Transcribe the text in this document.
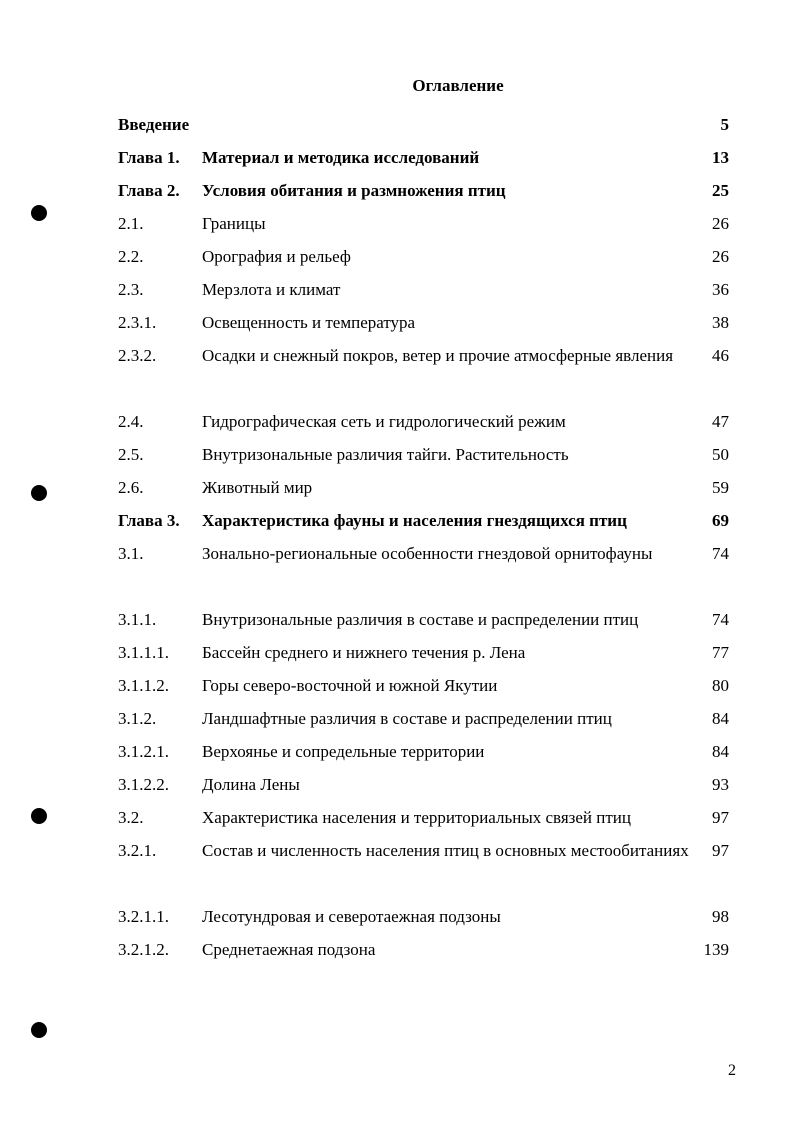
Оглавление
Введение	5
Глава 1. Материал и методика исследований	13
Глава 2. Условия обитания и размножения птиц	25
2.1.	Границы	26
2.2.	Орография и рельеф	26
2.3.	Мерзлота и климат	36
2.3.1.	Освещенность и температура	38
2.3.2.	Осадки и снежный покров, ветер и прочие атмосферные явления	46
2.4.	Гидрографическая сеть и гидрологический режим	47
2.5.	Внутризональные различия тайги. Растительность	50
2.6.	Животный мир	59
Глава 3. Характеристика фауны и населения гнездящихся птиц	69
3.1.	Зонально-региональные особенности гнездовой орнитофауны	74
3.1.1.	Внутризональные различия в составе и распределении птиц	74
3.1.1.1. Бассейн среднего и нижнего течения р. Лена	77
3.1.1.2. Горы северо-восточной и южной Якутии	80
3.1.2.	Ландшафтные различия в составе и распределении птиц	84
3.1.2.1. Верхоянье и сопредельные территории	84
3.1.2.2. Долина Лены	93
3.2.	Характеристика населения и территориальных связей птиц	97
3.2.1.	Состав и численность населения птиц в основных местообитаниях 97
3.2.1.1. Лесотундровая и северотаежная подзоны	98
3.2.1.2. Среднетаежная подзона	139
2
